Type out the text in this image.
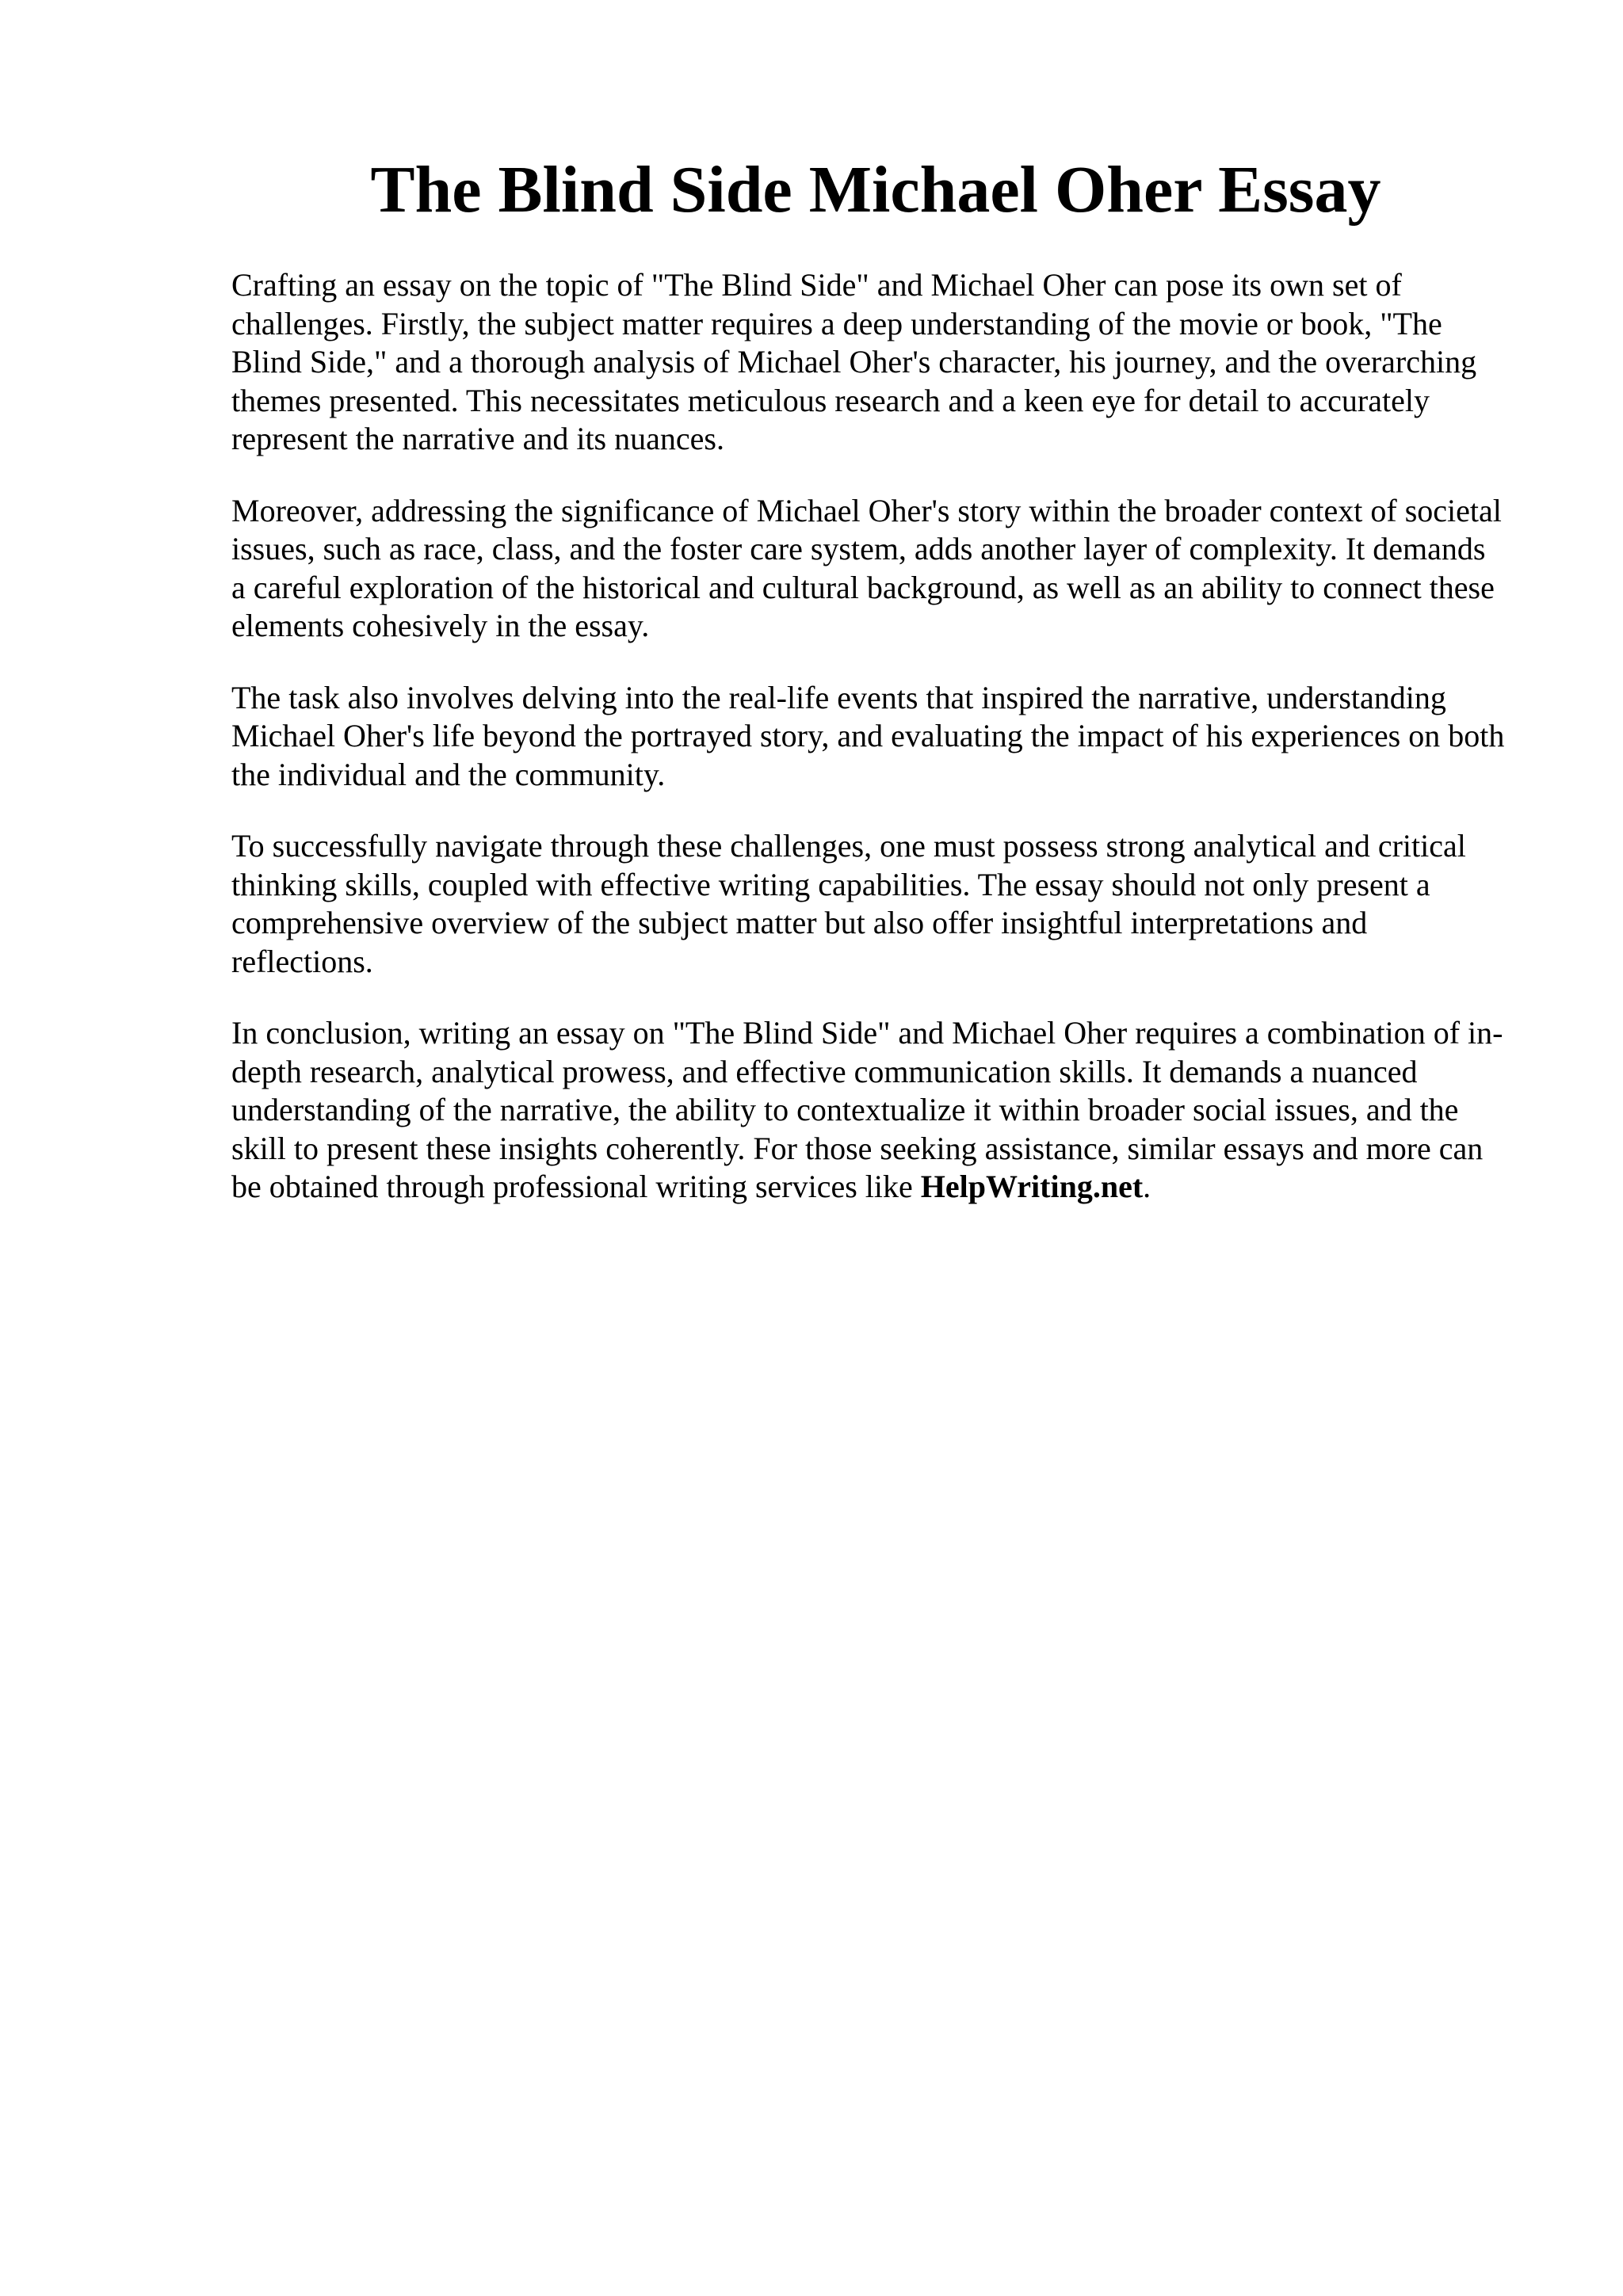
The Blind Side Michael Oher Essay

Crafting an essay on the topic of "The Blind Side" and Michael Oher can pose its own set of challenges. Firstly, the subject matter requires a deep understanding of the movie or book, "The Blind Side," and a thorough analysis of Michael Oher's character, his journey, and the overarching themes presented. This necessitates meticulous research and a keen eye for detail to accurately represent the narrative and its nuances.

Moreover, addressing the significance of Michael Oher's story within the broader context of societal issues, such as race, class, and the foster care system, adds another layer of complexity. It demands a careful exploration of the historical and cultural background, as well as an ability to connect these elements cohesively in the essay.

The task also involves delving into the real-life events that inspired the narrative, understanding Michael Oher's life beyond the portrayed story, and evaluating the impact of his experiences on both the individual and the community.

To successfully navigate through these challenges, one must possess strong analytical and critical thinking skills, coupled with effective writing capabilities. The essay should not only present a comprehensive overview of the subject matter but also offer insightful interpretations and reflections.

In conclusion, writing an essay on "The Blind Side" and Michael Oher requires a combination of in-depth research, analytical prowess, and effective communication skills. It demands a nuanced understanding of the narrative, the ability to contextualize it within broader social issues, and the skill to present these insights coherently. For those seeking assistance, similar essays and more can be obtained through professional writing services like HelpWriting.net.
